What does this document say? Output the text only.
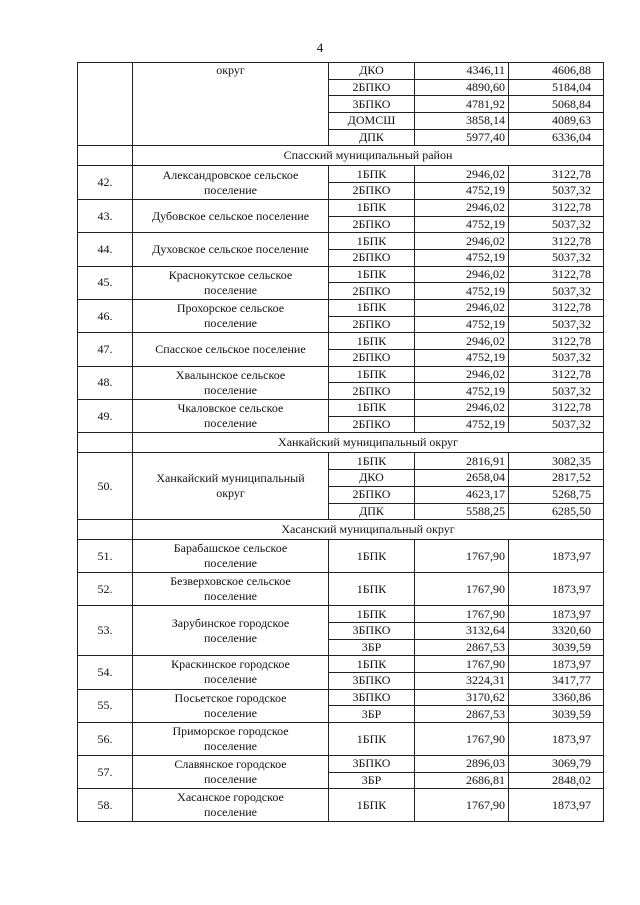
4
	округ	ДКО	4346,11	4606,88
		2БПКО	4890,60	5184,04
		3БПКО	4781,92	5068,84
		ДОМСШ	3858,14	4089,63
		ДПК	5977,40	6336,04
	Спасский муниципальный район			
42.	Александровское сельское поселение	1БПК	2946,02	3122,78
		2БПКО	4752,19	5037,32
43.	Дубовское сельское поселение	1БПК	2946,02	3122,78
		2БПКО	4752,19	5037,32
44.	Духовское сельское поселение	1БПК	2946,02	3122,78
		2БПКО	4752,19	5037,32
45.	Краснокутское сельское поселение	1БПК	2946,02	3122,78
		2БПКО	4752,19	5037,32
46.	Прохорское сельское поселение	1БПК	2946,02	3122,78
		2БПКО	4752,19	5037,32
47.	Спасское сельское поселение	1БПК	2946,02	3122,78
		2БПКО	4752,19	5037,32
48.	Хвалынское сельское поселение	1БПК	2946,02	3122,78
		2БПКО	4752,19	5037,32
49.	Чкаловское сельское поселение	1БПК	2946,02	3122,78
		2БПКО	4752,19	5037,32
	Ханкайский муниципальный округ			
50.	Ханкайский муниципальный округ	1БПК	2816,91	3082,35
		ДКО	2658,04	2817,52
		2БПКО	4623,17	5268,75
		ДПК	5588,25	6285,50
	Хасанский муниципальный округ			
51.	Барабашское сельское поселение	1БПК	1767,90	1873,97
52.	Безверховское сельское поселение	1БПК	1767,90	1873,97
53.	Зарубинское городское поселение	1БПК	1767,90	1873,97
		3БПКО	3132,64	3320,60
		3БР	2867,53	3039,59
54.	Краскинское городское поселение	1БПК	1767,90	1873,97
		3БПКО	3224,31	3417,77
55.	Посьетское городское поселение	3БПКО	3170,62	3360,86
		3БР	2867,53	3039,59
56.	Приморское городское поселение	1БПК	1767,90	1873,97
57.	Славянское городское поселение	3БПКО	2896,03	3069,79
		3БР	2686,81	2848,02
58.	Хасанское городское поселение	1БПК	1767,90	1873,97
